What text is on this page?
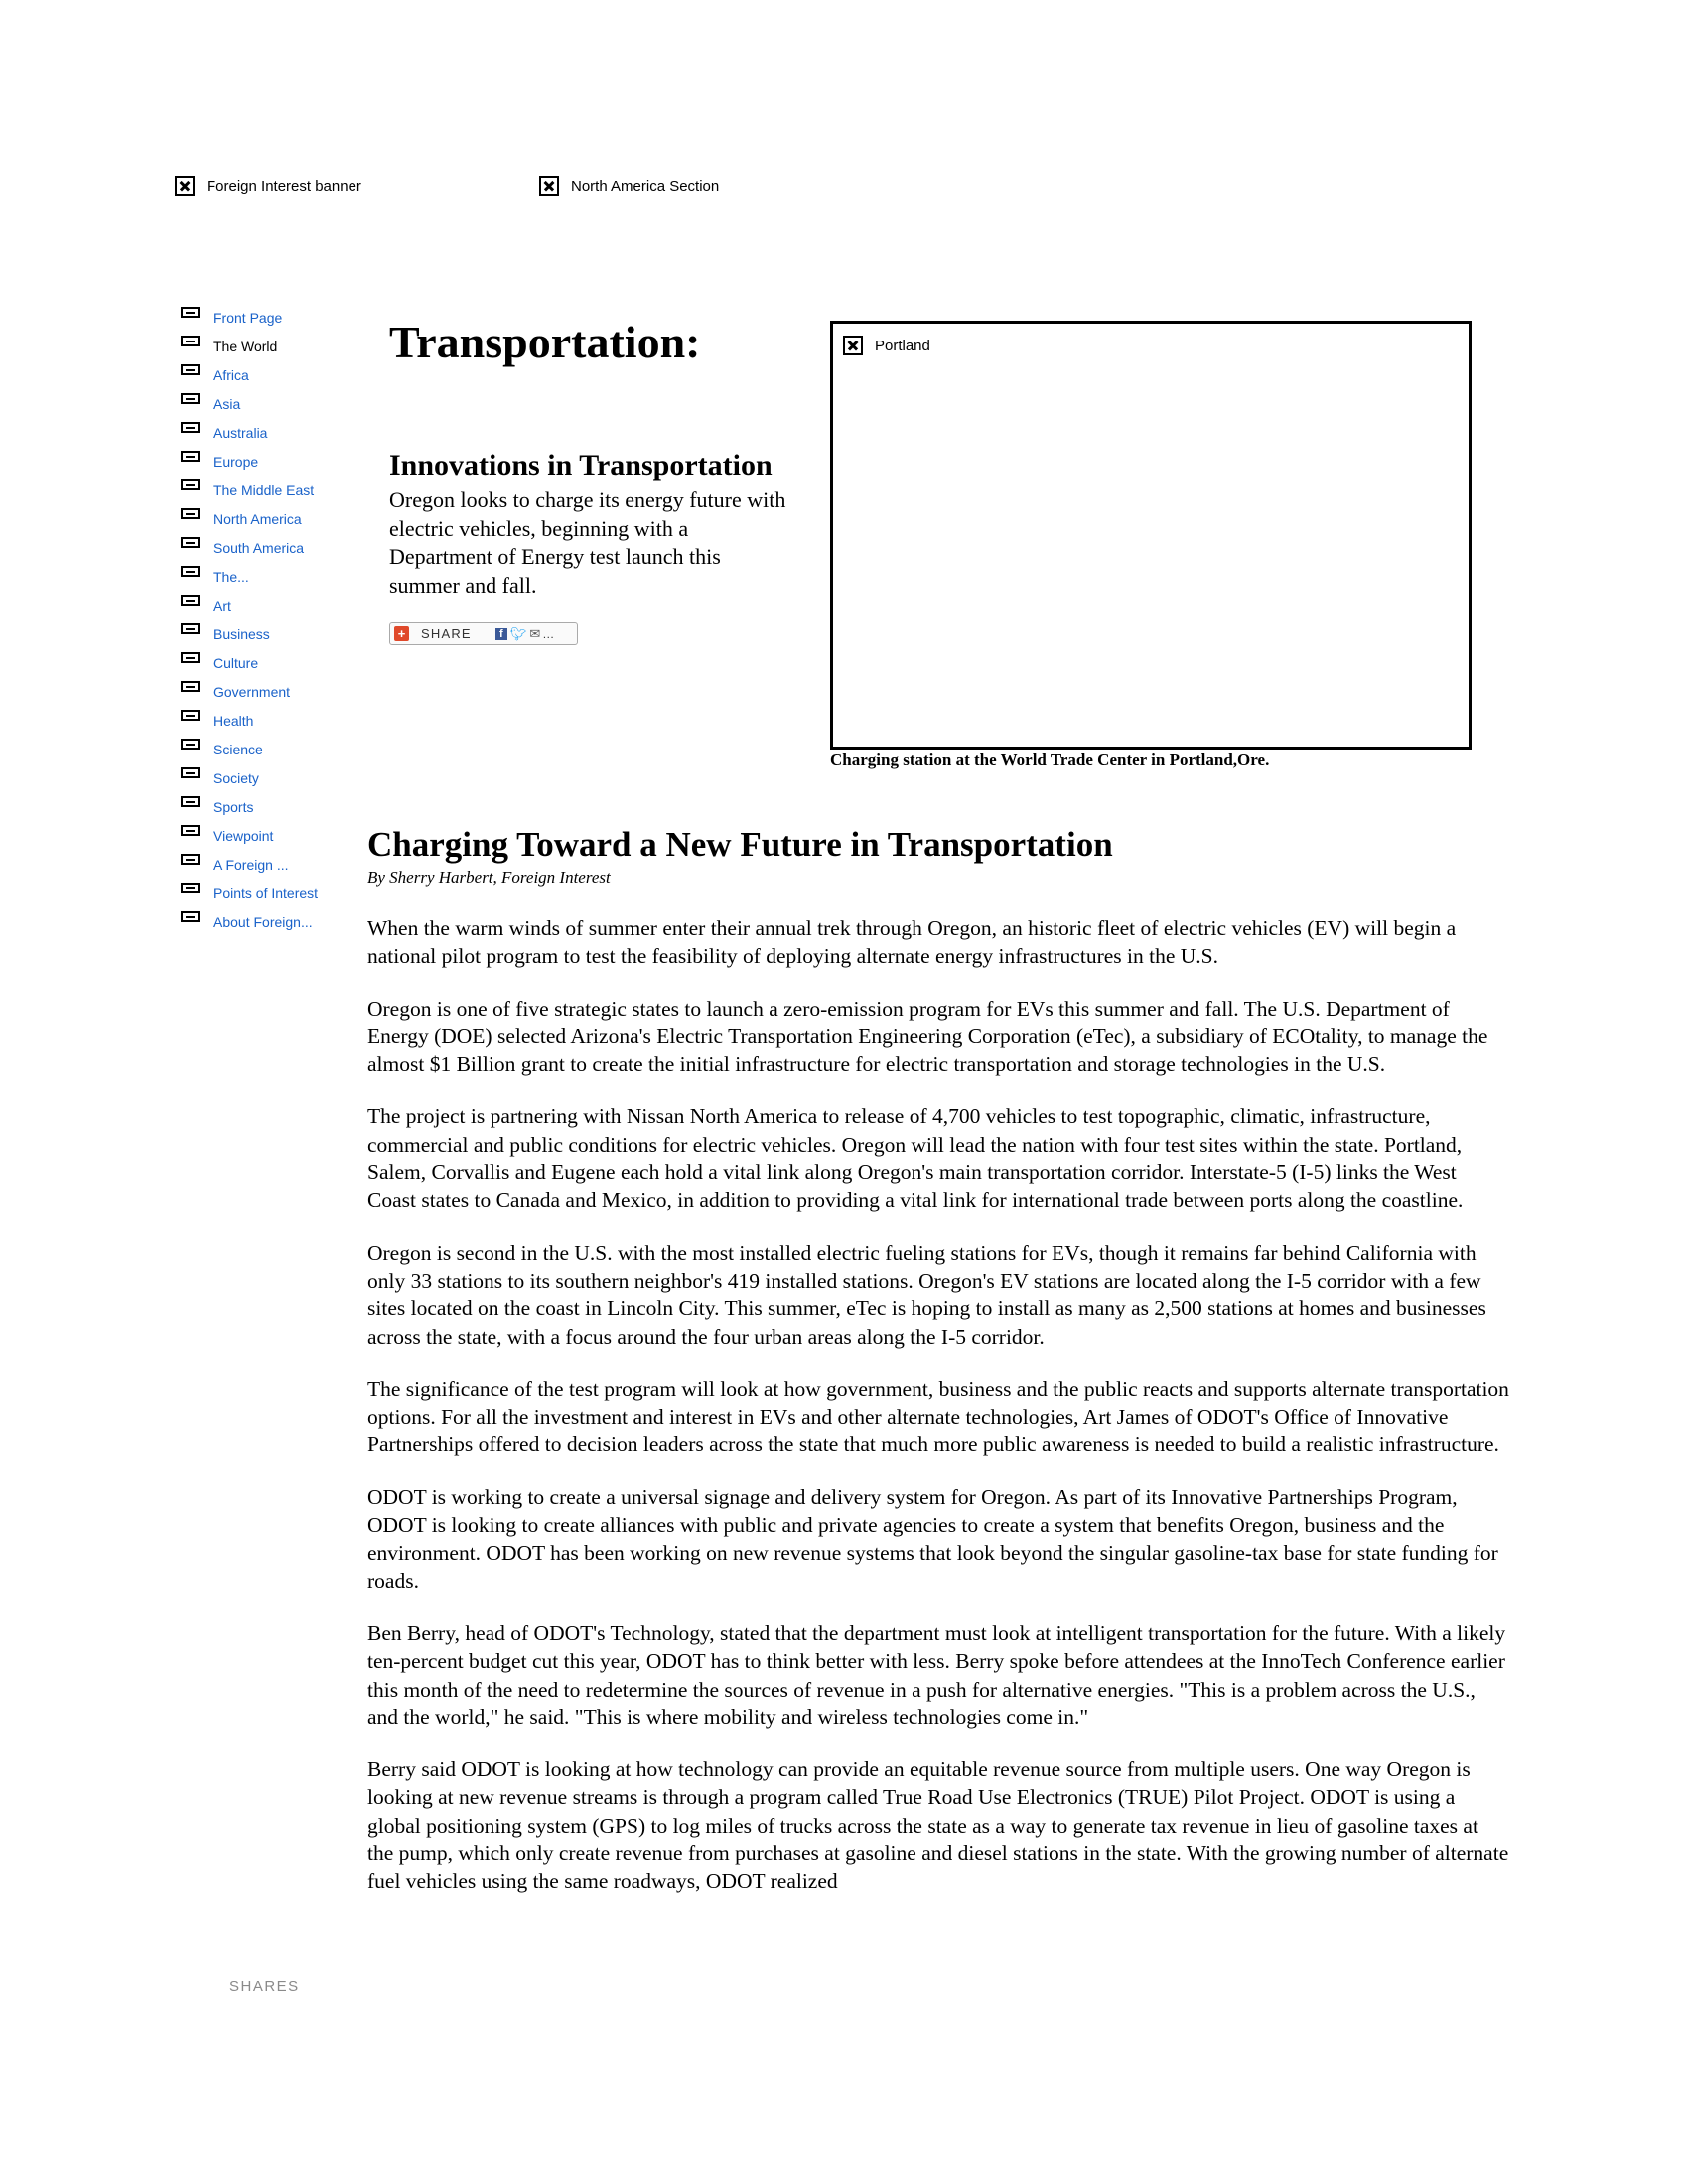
Foreign Interest banner	North America Section
Front Page
The World
Africa
Asia
Australia
Europe
The Middle East
North America
South America
The...
Art
Business
Culture
Government
Health
Science
Society
Sports
Viewpoint
A Foreign ...
Points of Interest
About Foreign...
SHARES
Transportation:
Innovations in Transportation

Oregon looks to charge its energy future with electric vehicles, beginning with a Department of Energy test launch this summer and fall.

+ SHARE	f 🐦︎ ✉ …
Portland

Charging station at the World Trade Center in Portland,Ore.

Charging Toward a New Future in Transportation

By Sherry Harbert, Foreign Interest

When the warm winds of summer enter their annual trek through Oregon, an historic fleet of electric vehicles (EV) will begin a national pilot program to test the feasibility of deploying alternate energy infrastructures in the U.S.

Oregon is one of five strategic states to launch a zero-emission program for EVs this summer and fall. The U.S. Department of Energy (DOE) selected Arizona's Electric Transportation Engineering Corporation (eTec), a subsidiary of ECOtality, to manage the almost $1 Billion grant to create the initial infrastructure for electric transportation and storage technologies in the U.S.

The project is partnering with Nissan North America to release of 4,700 vehicles to test topographic, climatic, infrastructure, commercial and public conditions for electric vehicles. Oregon will lead the nation with four test sites within the state. Portland, Salem, Corvallis and Eugene each hold a vital link along Oregon's main transportation corridor. Interstate-5 (I-5) links the West Coast states to Canada and Mexico, in addition to providing a vital link for international trade between ports along the coastline.

Oregon is second in the U.S. with the most installed electric fueling stations for EVs, though it remains far behind California with only 33 stations to its southern neighbor's 419 installed stations. Oregon's EV stations are located along the I-5 corridor with a few sites located on the coast in Lincoln City. This summer, eTec is hoping to install as many as 2,500 stations at homes and businesses across the state, with a focus around the four urban areas along the I-5 corridor.

The significance of the test program will look at how government, business and the public reacts and supports alternate transportation options. For all the investment and interest in EVs and other alternate technologies, Art James of ODOT's Office of Innovative Partnerships offered to decision leaders across the state that much more public awareness is needed to build a realistic infrastructure.

ODOT is working to create a universal signage and delivery system for Oregon. As part of its Innovative Partnerships Program, ODOT is looking to create alliances with public and private agencies to create a system that benefits Oregon, business and the environment. ODOT has been working on new revenue systems that look beyond the singular gasoline-tax base for state funding for roads.

Ben Berry, head of ODOT's Technology, stated that the department must look at intelligent transportation for the future. With a likely ten-percent budget cut this year, ODOT has to think better with less. Berry spoke before attendees at the InnoTech Conference earlier this month of the need to redetermine the sources of revenue in a push for alternative energies. "This is a problem across the U.S., and the world," he said. "This is where mobility and wireless technologies come in."

Berry said ODOT is looking at how technology can provide an equitable revenue source from multiple users. One way Oregon is looking at new revenue streams is through a program called True Road Use Electronics (TRUE) Pilot Project. ODOT is using a global positioning system (GPS) to log miles of trucks across the state as a way to generate tax revenue in lieu of gasoline taxes at the pump, which only create revenue from purchases at gasoline and diesel stations in the state. With the growing number of alternate fuel vehicles using the same roadways, ODOT realized
